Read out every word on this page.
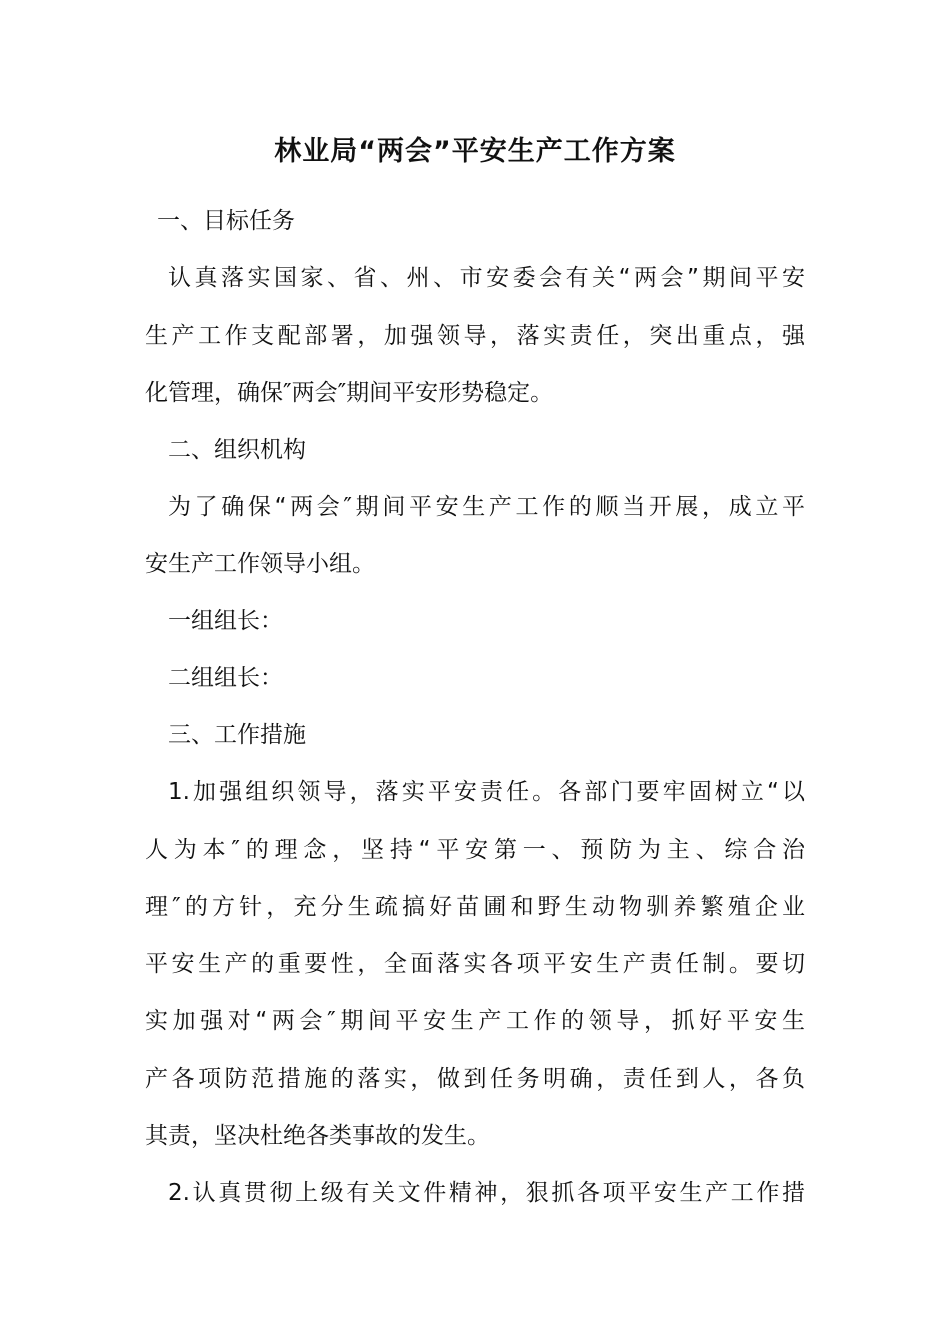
林业局“两会”平安生产工作方案

一、目标任务

认真落实国家、省、州、市安委会有关“两会”期间平安

生产工作支配部署，加强领导，落实责任，突出重点，强

化管理，确保″两会″期间平安形势稳定。

二、组织机构

为了确保“两会″期间平安生产工作的顺当开展，成立平

安生产工作领导小组。

一组组长：

二组组长：

三、工作措施

1.加强组织领导，落实平安责任。各部门要牢固树立“以

人为本″的理念，坚持“平安第一、预防为主、综合治

理″的方针，充分生疏搞好苗圃和野生动物驯养繁殖企业

平安生产的重要性，全面落实各项平安生产责任制。要切

实加强对“两会″期间平安生产工作的领导，抓好平安生

产各项防范措施的落实，做到任务明确，责任到人，各负

其责，坚决杜绝各类事故的发生。

2.认真贯彻上级有关文件精神，狠抓各项平安生产工作措
